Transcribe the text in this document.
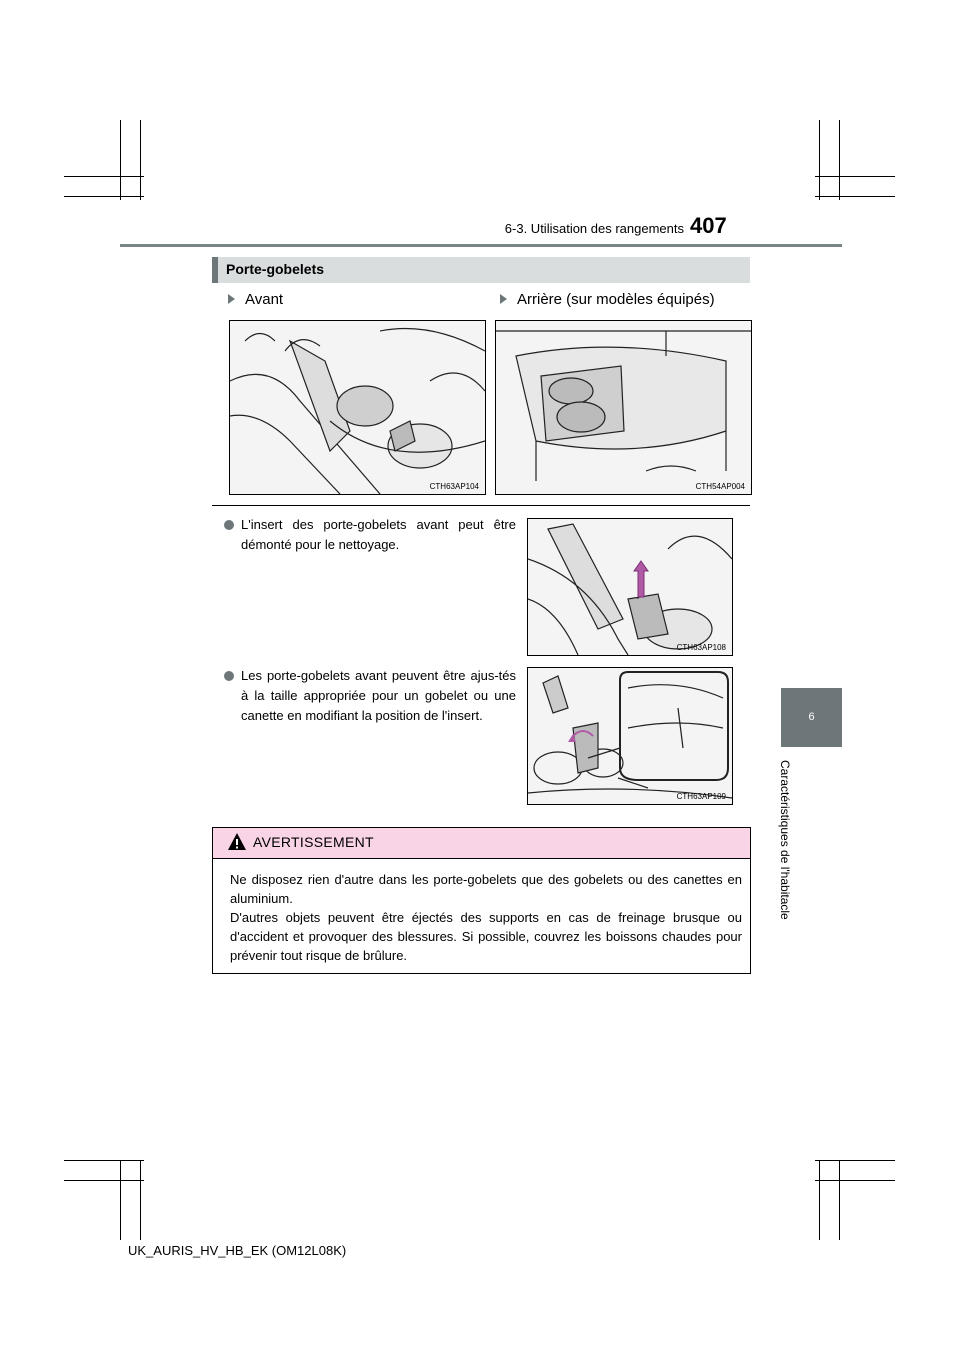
6-3. Utilisation des rangements 407
6
Caractéristiques de l'habitacle
Porte-gobelets
Avant	Arrière (sur modèles équipés)
CTH63AP104	CTH54AP004
L'insert des porte-gobelets avant peut être démonté pour le nettoyage.
CTH63AP108
Les porte-gobelets avant peuvent être ajus-tés à la taille appropriée pour un gobelet ou une canette en modifiant la position de l'insert.
CTH63AP109
AVERTISSEMENT
Ne disposez rien d'autre dans les porte-gobelets que des gobelets ou des canettes en aluminium.
D'autres objets peuvent être éjectés des supports en cas de freinage brusque ou d'accident et provoquer des blessures. Si possible, couvrez les boissons chaudes pour prévenir tout risque de brûlure.
UK_AURIS_HV_HB_EK (OM12L08K)
